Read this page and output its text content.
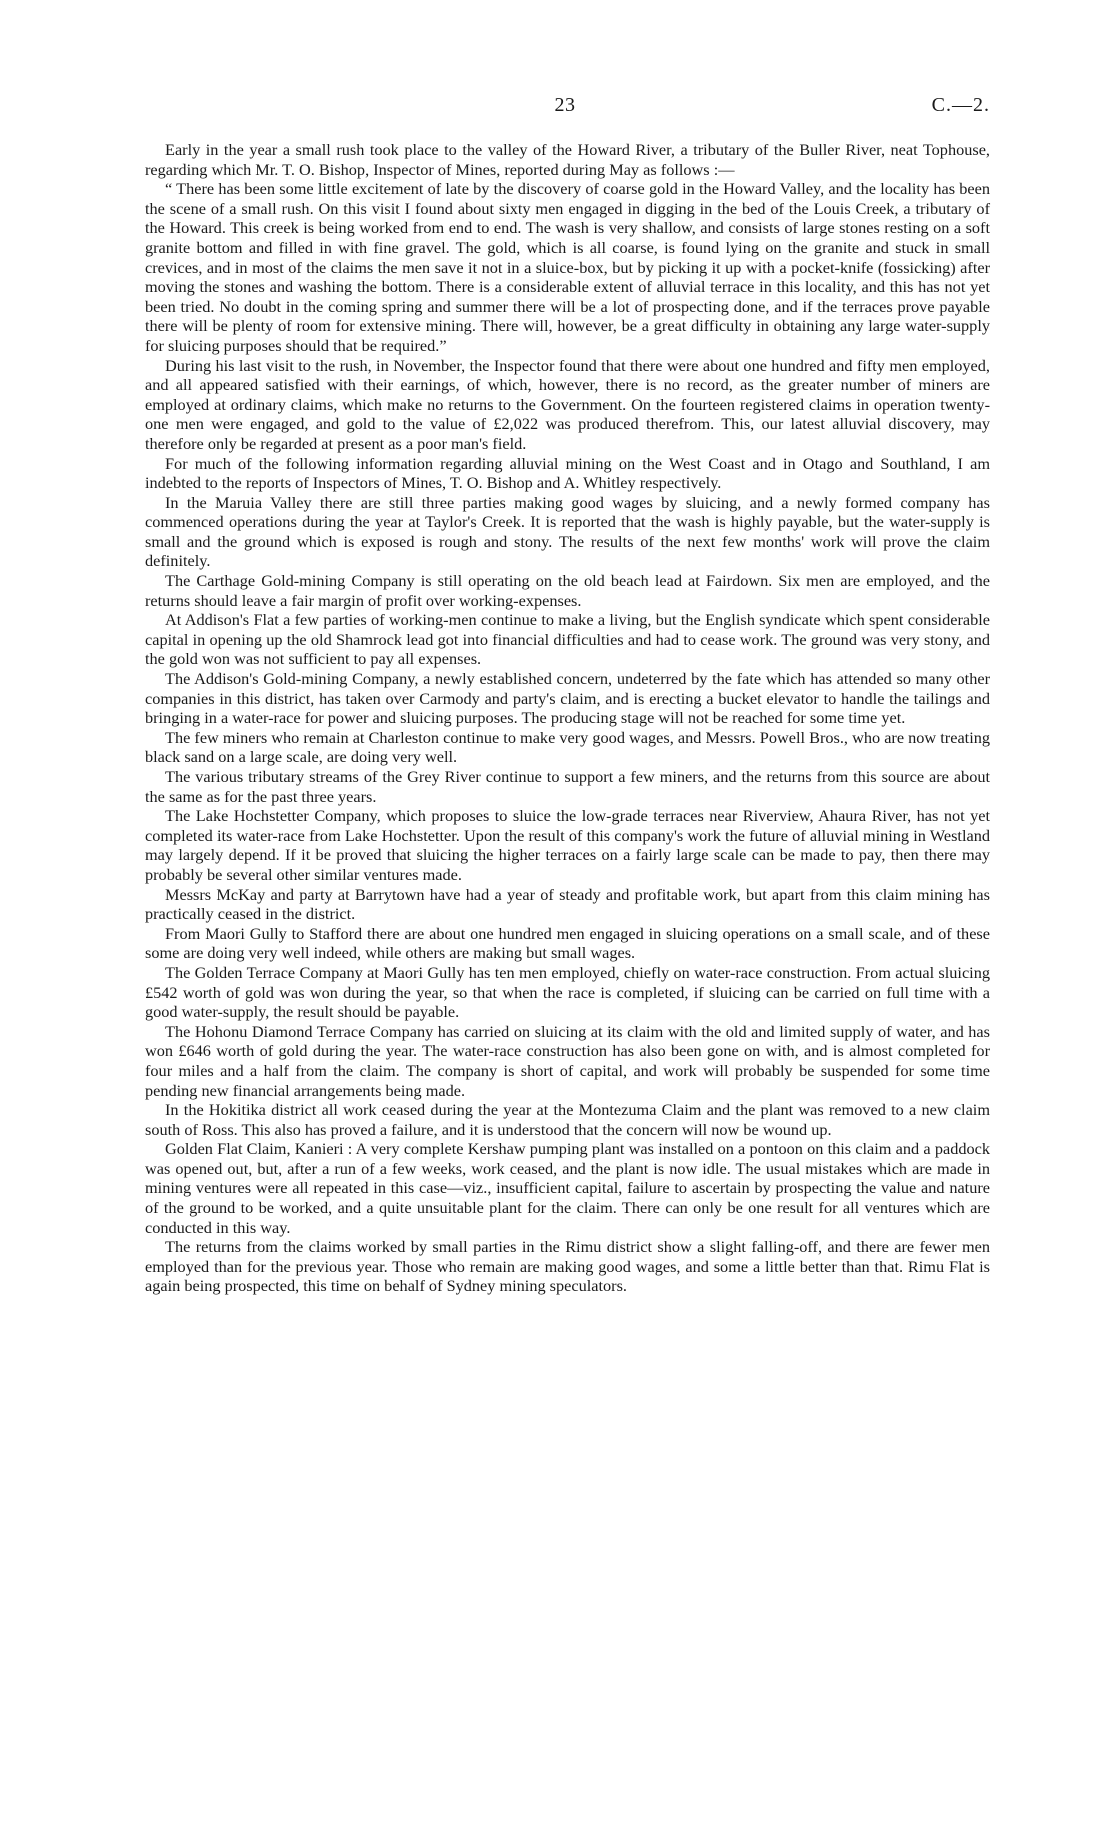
23	C.—2.

Early in the year a small rush took place to the valley of the Howard River, a tributary of the Buller River, neat Tophouse, regarding which Mr. T. O. Bishop, Inspector of Mines, reported during May as follows :—

“ There has been some little excitement of late by the discovery of coarse gold in the Howard Valley, and the locality has been the scene of a small rush. On this visit I found about sixty men engaged in digging in the bed of the Louis Creek, a tributary of the Howard. This creek is being worked from end to end. The wash is very shallow, and consists of large stones resting on a soft granite bottom and filled in with fine gravel. The gold, which is all coarse, is found lying on the granite and stuck in small crevices, and in most of the claims the men save it not in a sluice-box, but by picking it up with a pocket-knife (fossicking) after moving the stones and washing the bottom. There is a considerable extent of alluvial terrace in this locality, and this has not yet been tried. No doubt in the coming spring and summer there will be a lot of prospecting done, and if the terraces prove payable there will be plenty of room for extensive mining. There will, however, be a great difficulty in obtaining any large water-supply for sluicing purposes should that be required.”

During his last visit to the rush, in November, the Inspector found that there were about one hundred and fifty men employed, and all appeared satisfied with their earnings, of which, however, there is no record, as the greater number of miners are employed at ordinary claims, which make no returns to the Government. On the fourteen registered claims in operation twenty-one men were engaged, and gold to the value of £2,022 was produced therefrom. This, our latest alluvial discovery, may therefore only be regarded at present as a poor man's field.

For much of the following information regarding alluvial mining on the West Coast and in Otago and Southland, I am indebted to the reports of Inspectors of Mines, T. O. Bishop and A. Whitley respectively.

In the Maruia Valley there are still three parties making good wages by sluicing, and a newly formed company has commenced operations during the year at Taylor's Creek. It is reported that the wash is highly payable, but the water-supply is small and the ground which is exposed is rough and stony. The results of the next few months' work will prove the claim definitely.

The Carthage Gold-mining Company is still operating on the old beach lead at Fairdown. Six men are employed, and the returns should leave a fair margin of profit over working-expenses.

At Addison's Flat a few parties of working-men continue to make a living, but the English syndicate which spent considerable capital in opening up the old Shamrock lead got into financial difficulties and had to cease work. The ground was very stony, and the gold won was not sufficient to pay all expenses.

The Addison's Gold-mining Company, a newly established concern, undeterred by the fate which has attended so many other companies in this district, has taken over Carmody and party's claim, and is erecting a bucket elevator to handle the tailings and bringing in a water-race for power and sluicing purposes. The producing stage will not be reached for some time yet.

The few miners who remain at Charleston continue to make very good wages, and Messrs. Powell Bros., who are now treating black sand on a large scale, are doing very well.

The various tributary streams of the Grey River continue to support a few miners, and the returns from this source are about the same as for the past three years.

The Lake Hochstetter Company, which proposes to sluice the low-grade terraces near Riverview, Ahaura River, has not yet completed its water-race from Lake Hochstetter. Upon the result of this company's work the future of alluvial mining in Westland may largely depend. If it be proved that sluicing the higher terraces on a fairly large scale can be made to pay, then there may probably be several other similar ventures made.

Messrs McKay and party at Barrytown have had a year of steady and profitable work, but apart from this claim mining has practically ceased in the district.

From Maori Gully to Stafford there are about one hundred men engaged in sluicing operations on a small scale, and of these some are doing very well indeed, while others are making but small wages.

The Golden Terrace Company at Maori Gully has ten men employed, chiefly on water-race construction. From actual sluicing £542 worth of gold was won during the year, so that when the race is completed, if sluicing can be carried on full time with a good water-supply, the result should be payable.

The Hohonu Diamond Terrace Company has carried on sluicing at its claim with the old and limited supply of water, and has won £646 worth of gold during the year. The water-race construction has also been gone on with, and is almost completed for four miles and a half from the claim. The company is short of capital, and work will probably be suspended for some time pending new financial arrangements being made.

In the Hokitika district all work ceased during the year at the Montezuma Claim and the plant was removed to a new claim south of Ross. This also has proved a failure, and it is understood that the concern will now be wound up.

Golden Flat Claim, Kanieri : A very complete Kershaw pumping plant was installed on a pontoon on this claim and a paddock was opened out, but, after a run of a few weeks, work ceased, and the plant is now idle. The usual mistakes which are made in mining ventures were all repeated in this case—viz., insufficient capital, failure to ascertain by prospecting the value and nature of the ground to be worked, and a quite unsuitable plant for the claim. There can only be one result for all ventures which are conducted in this way.

The returns from the claims worked by small parties in the Rimu district show a slight falling-off, and there are fewer men employed than for the previous year. Those who remain are making good wages, and some a little better than that. Rimu Flat is again being prospected, this time on behalf of Sydney mining speculators.
